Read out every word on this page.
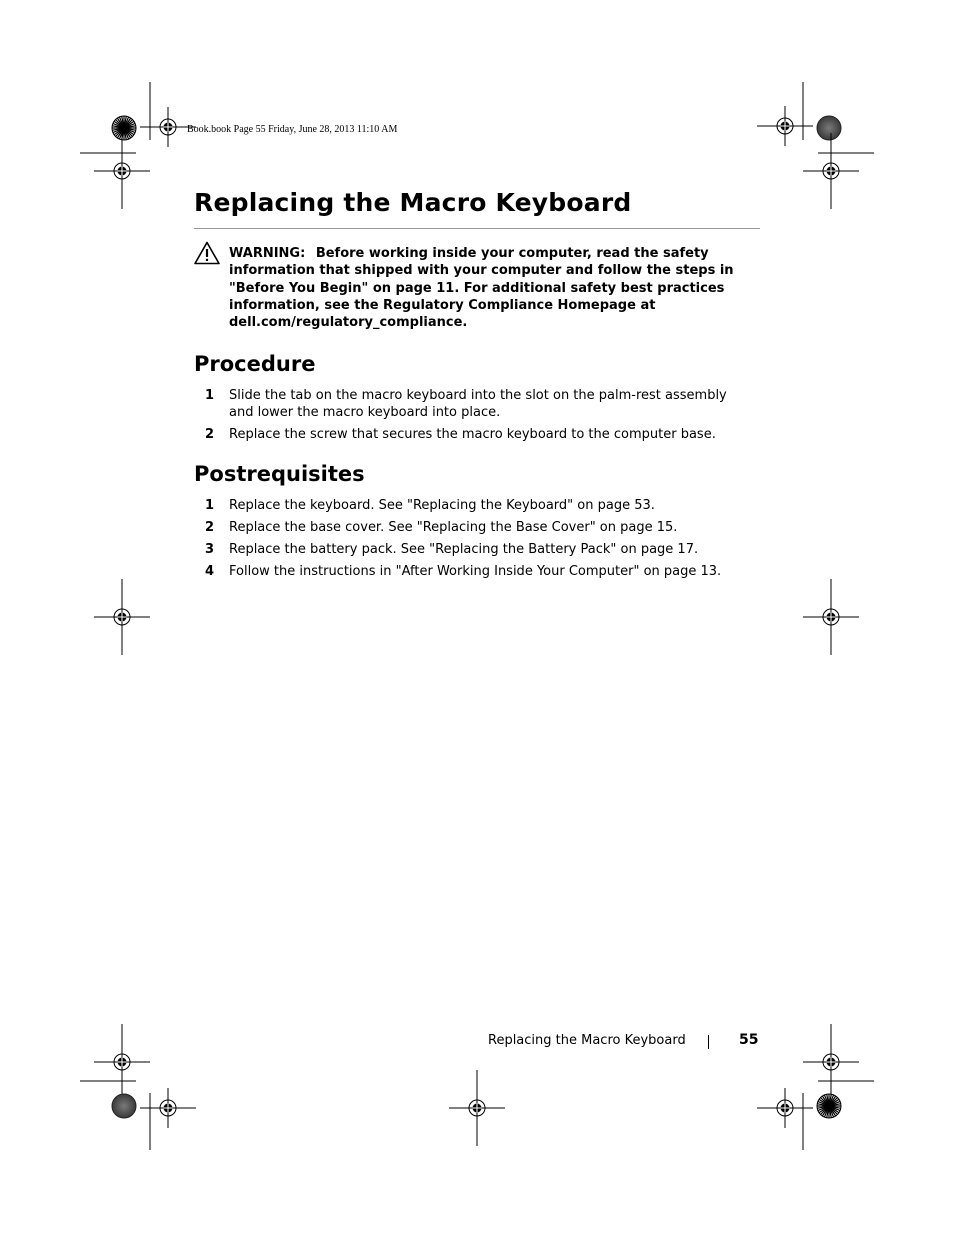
Book.book Page 55 Friday, June 28, 2013 11:10 AM
Replacing the Macro Keyboard
WARNING: Before working inside your computer, read the safety information that shipped with your computer and follow the steps in "Before You Begin" on page 11. For additional safety best practices information, see the Regulatory Compliance Homepage at dell.com/regulatory_compliance.
Procedure
1 Slide the tab on the macro keyboard into the slot on the palm-rest assembly and lower the macro keyboard into place.
2 Replace the screw that secures the macro keyboard to the computer base.
Postrequisites
1 Replace the keyboard. See "Replacing the Keyboard" on page 53.
2 Replace the base cover. See "Replacing the Base Cover" on page 15.
3 Replace the battery pack. See "Replacing the Battery Pack" on page 17.
4 Follow the instructions in "After Working Inside Your Computer" on page 13.
Replacing the Macro Keyboard	55
